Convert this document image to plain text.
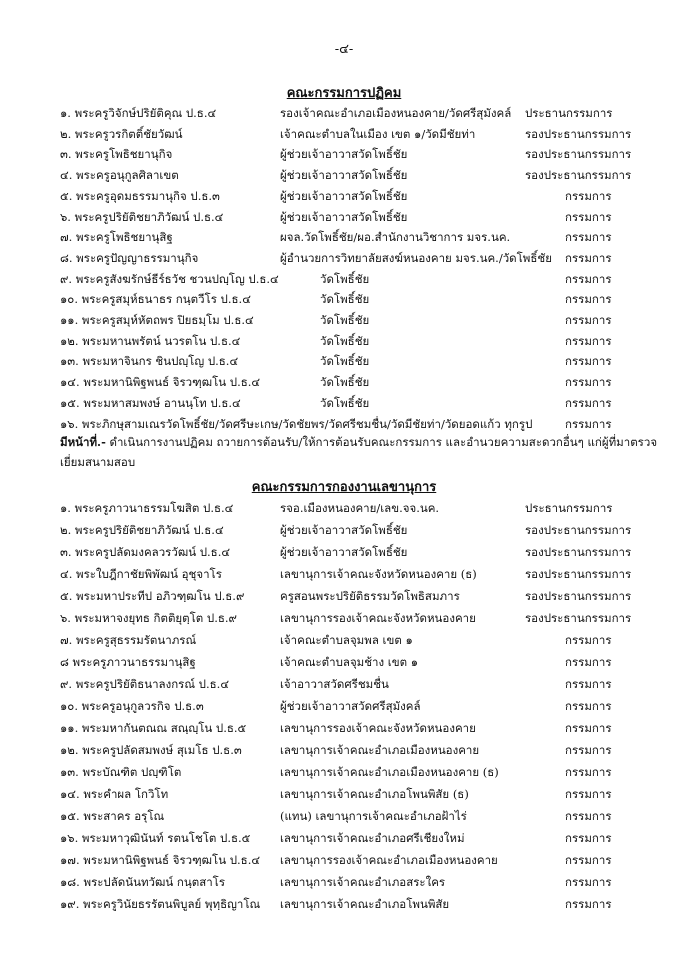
-๔-
คณะกรรมการปฏิคม
๑. พระครูวิจักษ์ปริยัติคุณ ป.ธ.๔	รองเจ้าคณะอำเภอเมืองหนองคาย/วัดศรีสุมังคล์ ประธานกรรมการ
๒. พระครูวรกิตติ์ชัยวัฒน์	เจ้าคณะตำบลในเมือง เขต ๑/วัดมีชัยท่า	รองประธานกรรมการ
๓. พระครูโพธิชยานุกิจ	ผู้ช่วยเจ้าอาวาสวัดโพธิ์ชัย	รองประธานกรรมการ
๔. พระครูอนุกูลศิลาเขต	ผู้ช่วยเจ้าอาวาสวัดโพธิ์ชัย	รองประธานกรรมการ
๕. พระครูอุดมธรรมานุกิจ ป.ธ.๓	ผู้ช่วยเจ้าอาวาสวัดโพธิ์ชัย	กรรมการ
๖. พระครูปริยัติชยาภิวัฒน์ ป.ธ.๔	ผู้ช่วยเจ้าอาวาสวัดโพธิ์ชัย	กรรมการ
๗. พระครูโพธิชยานุสิฐ	ผจล.วัดโพธิ์ชัย/ผอ.สำนักงานวิชาการ มจร.นค.	กรรมการ
๘. พระครูปัญญาธรรมานุกิจ	ผู้อำนวยการวิทยาลัยสงฆ์หนองคาย มจร.นค./วัดโพธิ์ชัย กรรมการ
๙. พระครูสังฆรักษ์ธีร์ธวัช ชวนปญฺโญ ป.ธ.๔	วัดโพธิ์ชัย	กรรมการ
๑๐. พระครูสมุห์ธนาธร กนฺตวีโร ป.ธ.๔	วัดโพธิ์ชัย	กรรมการ
๑๑. พระครูสมุห์หัตถพร ปิยธมฺโม ป.ธ.๔	วัดโพธิ์ชัย	กรรมการ
๑๒. พระมหานพรัตน์ นวรตโน ป.ธ.๔	วัดโพธิ์ชัย	กรรมการ
๑๓. พระมหาจินกร ชินปญฺโญ ป.ธ.๔	วัดโพธิ์ชัย	กรรมการ
๑๔. พระมหานิพิฐพนธ์ จิรวฑฺฒโน ป.ธ.๔	วัดโพธิ์ชัย	กรรมการ
๑๕. พระมหาสมพงษ์ อานนฺโท ป.ธ.๔	วัดโพธิ์ชัย	กรรมการ
๑๖. พระภิกษุสามเณรวัดโพธิ์ชัย/วัดศรีษะเกษ/วัดชัยพร/วัดศรีชมชื่น/วัดมีชัยท่า/วัดยอดแก้ว ทุกรูป	กรรมการ
มีหน้าที่.- ดำเนินการงานปฏิคม ถวายการต้อนรับ/ให้การต้อนรับคณะกรรมการ และอำนวยความสะดวกอื่นๆ แก่ผู้ที่มาตรวจเยี่ยมสนามสอบ
คณะกรรมการกองงานเลขานุการ
๑. พระครูภาวนาธรรมโฆสิต ป.ธ.๔	รจอ.เมืองหนองคาย/เลข.จจ.นค.	ประธานกรรมการ
๒. พระครูปริยัติชยาภิวัฒน์ ป.ธ.๔	ผู้ช่วยเจ้าอาวาสวัดโพธิ์ชัย	รองประธานกรรมการ
๓. พระครูปลัดมงคลวรวัฒน์ ป.ธ.๔	ผู้ช่วยเจ้าอาวาสวัดโพธิ์ชัย	รองประธานกรรมการ
๔. พระใบฎีกาชัยพิพัฒน์ อุชุจาโร	เลขานุการเจ้าคณะจังหวัดหนองคาย (ธ)	รองประธานกรรมการ
๕. พระมหาประทีป อภิวฑฺฒโน ป.ธ.๙	ครูสอนพระปริยัติธรรมวัดโพธิสมภาร	รองประธานกรรมการ
๖. พระมหาจงยุทธ กิตติยุตฺโต ป.ธ.๙	เลขานุการรองเจ้าคณะจังหวัดหนองคาย	รองประธานกรรมการ
๗. พระครูสุธรรมรัตนาภรณ์	เจ้าคณะตำบลจุมพล เขต ๑	กรรมการ
๘ พระครูภาวนาธรรมานุสิฐ	เจ้าคณะตำบลจุมช้าง เขต ๑	กรรมการ
๙. พระครูปริยัติธนาลงกรณ์ ป.ธ.๔	เจ้าอาวาสวัดศรีชมชื่น	กรรมการ
๑๐. พระครูอนุกูลวรกิจ ป.ธ.๓	ผู้ช่วยเจ้าอาวาสวัดศรีสุมังคล์	กรรมการ
๑๑. พระมหากันตณณ สณฺญฺโน ป.ธ.๕	เลขานุการรองเจ้าคณะจังหวัดหนองคาย	กรรมการ
๑๒. พระครูปลัดสมพงษ์ สุเมโธ ป.ธ.๓	เลขานุการเจ้าคณะอำเภอเมืองหนองคาย	กรรมการ
๑๓. พระบัณฑิต ปญฺฑิโต	เลขานุการเจ้าคณะอำเภอเมืองหนองคาย (ธ)	กรรมการ
๑๔. พระคำผล โกวิโท	เลขานุการเจ้าคณะอำเภอโพนพิสัย (ธ)	กรรมการ
๑๕. พระสาคร อรุโณ	(แทน) เลขานุการเจ้าคณะอำเภอฝ้าไร่	กรรมการ
๑๖. พระมหาวุฒินันท์ รตนโชโต ป.ธ.๕	เลขานุการเจ้าคณะอำเภอศรีเชียงใหม่	กรรมการ
๑๗. พระมหานิพิฐพนธ์ จิรวฑฺฒโน ป.ธ.๔ เลขานุการรองเจ้าคณะอำเภอเมืองหนองคาย	กรรมการ
๑๘. พระปลัดนันทวัฒน์ กนฺตสาโร	เลขานุการเจ้าคณะอำเภอสระใคร	กรรมการ
๑๙. พระครูวินัยธรรัตนพิบูลย์ พุทฺธิญาโณ เลขานุการเจ้าคณะอำเภอโพนพิสัย	กรรมการ
